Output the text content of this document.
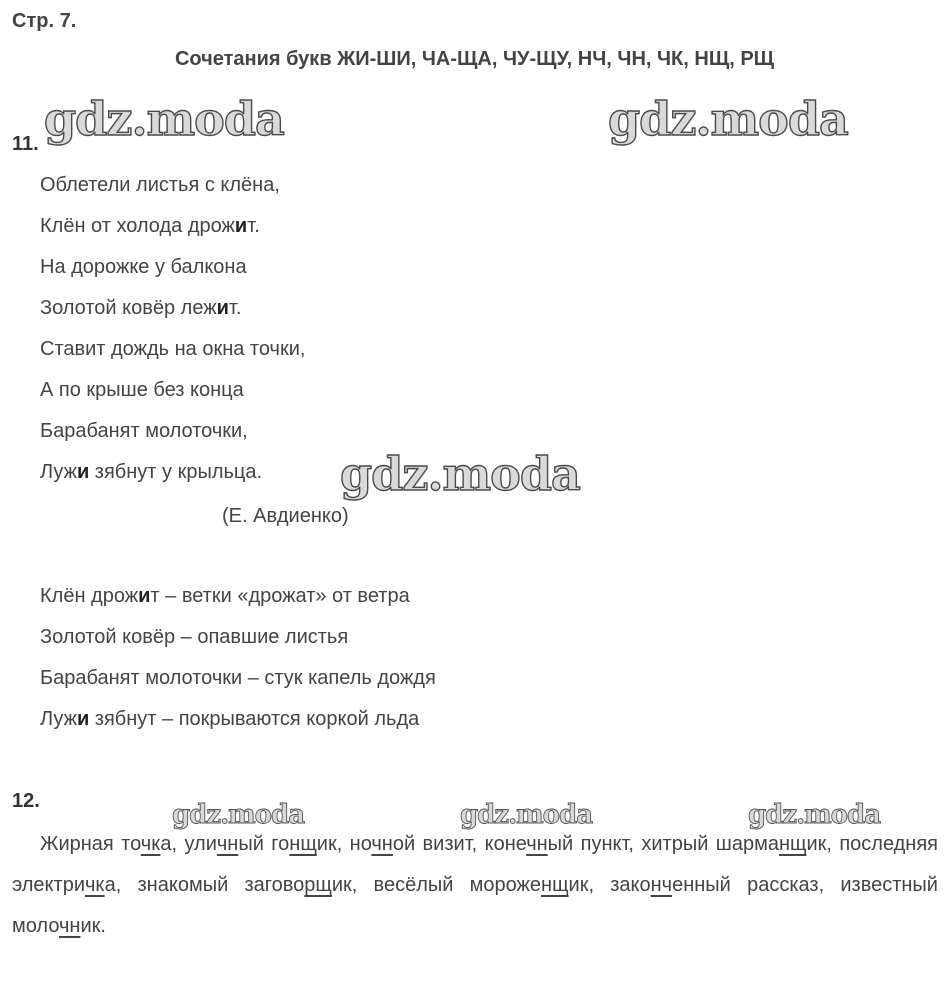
Стр. 7.
Сочетания букв ЖИ-ШИ, ЧА-ЩА, ЧУ-ЩУ, НЧ, ЧН, ЧК, НЩ, РЩ
gdz.moda	gdz.moda
gdz.moda
gdz.moda	gdz.moda	gdz.moda
11.
Облетели листья с клёна,
Клён от холода дрожит.
На дорожке у балкона
Золотой ковёр лежит.
Ставит дождь на окна точки,
А по крыше без конца
Барабанят молоточки,
Лужи зябнут у крыльца.
(Е. Авдиенко)
Клён дрожит – ветки «дрожат» от ветра
Золотой ковёр – опавшие листья
Барабанят молоточки – стук капель дождя
Лужи зябнут – покрываются коркой льда
12.
Жирная точка, уличный гонщик, ночной визит, конечный пункт, хитрый шарманщик, последняя электричка, знакомый заговорщик, весёлый морожeнщик, законченный рассказ, известный молочник.
